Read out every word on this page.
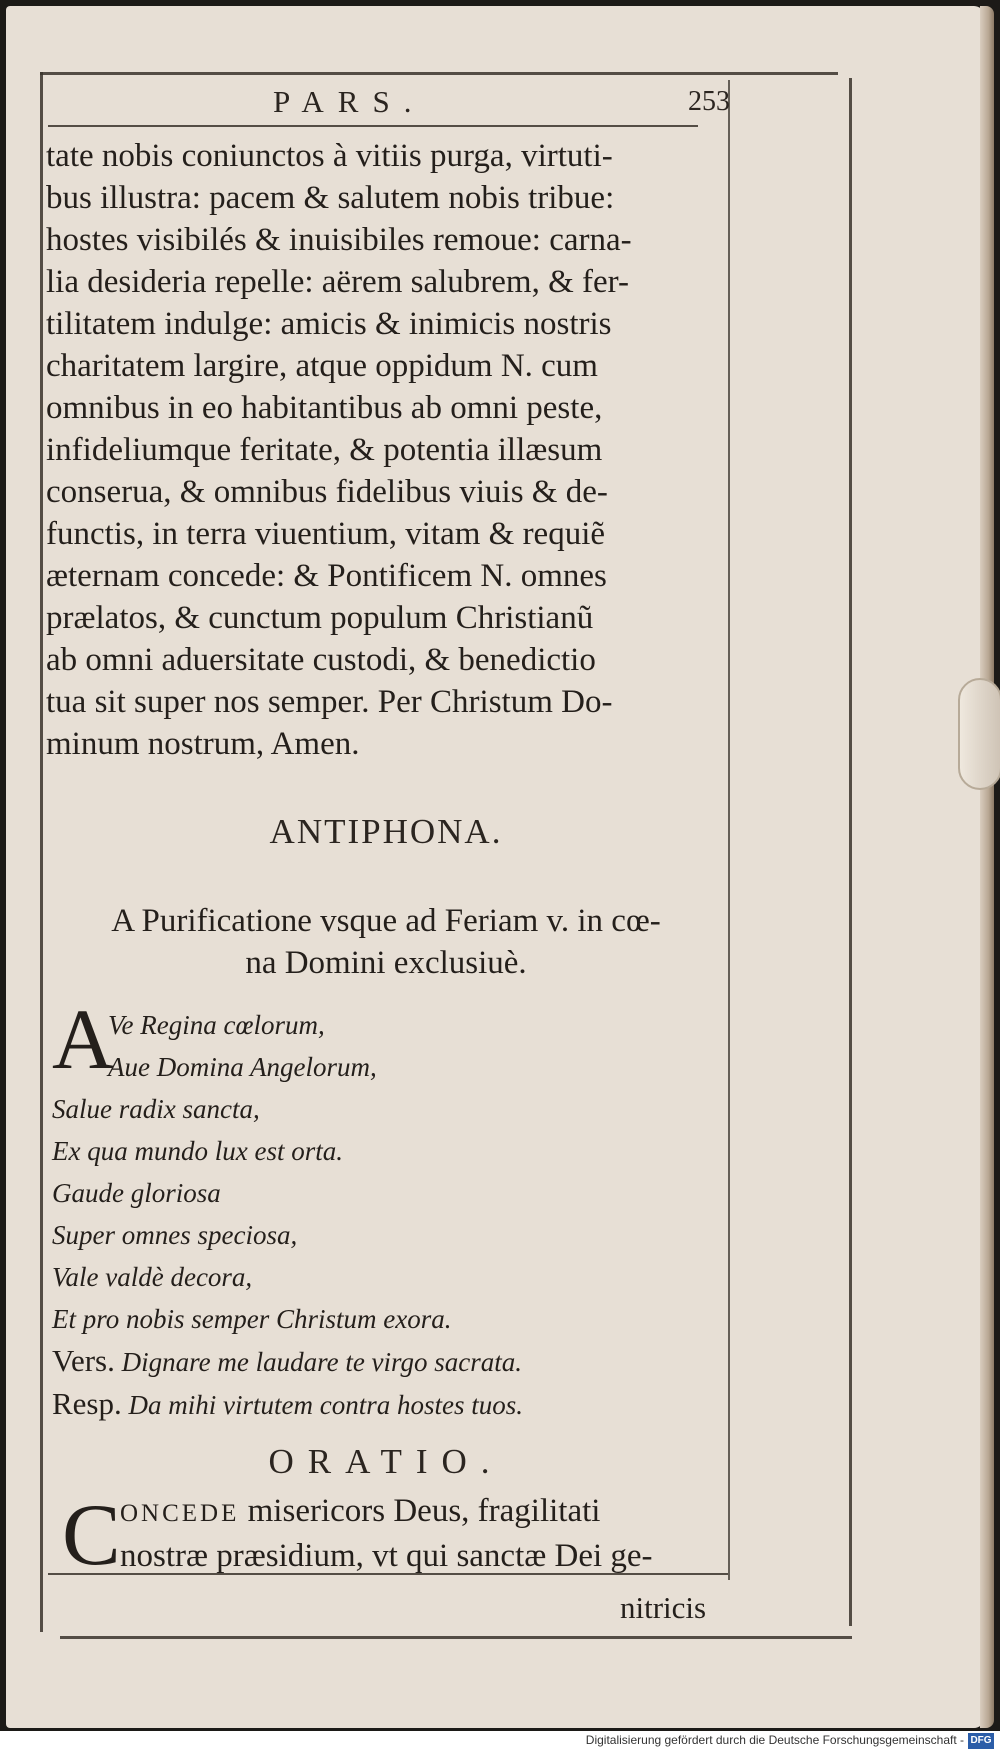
PARS.	253
tate nobis coniunctos à vitiis purga, virtuti-
bus illustra: pacem & salutem nobis tribue:
hostes visibilés & inuisibiles remoue: carna-
lia desideria repelle: aërem salubrem, & fer-
tilitatem indulge: amicis & inimicis nostris
charitatem largire, atque oppidum N. cum
omnibus in eo habitantibus ab omni peste,
infideliumque feritate, & potentia illæsum
conserua, & omnibus fidelibus viuis & de-
functis, in terra viuentium, vitam & requiẽ
æternam concede: & Pontificem N. omnes
prælatos, & cunctum populum Christianũ
ab omni aduersitate custodi, & benedictio
tua sit super nos semper. Per Christum Do-
minum nostrum, Amen.
ANTIPHONA.
A Purificatione vsque ad Feriam v. in cœ-
na Domini exclusiuè.
A
Ve Regina cœlorum,
Aue Domina Angelorum,
Salue radix sancta,
Ex qua mundo lux est orta.
Gaude gloriosa
Super omnes speciosa,
Vale valdè decora,
Et pro nobis semper Christum exora.
Vers. Dignare me laudare te virgo sacrata.
Resp. Da mihi virtutem contra hostes tuos.
ORATIO.
C ONCEDE misericors Deus, fragilitati
nostræ præsidium, vt qui sanctæ Dei ge-
nitricis
Digitalisierung gefördert durch die Deutsche Forschungsgemeinschaft - DFG
